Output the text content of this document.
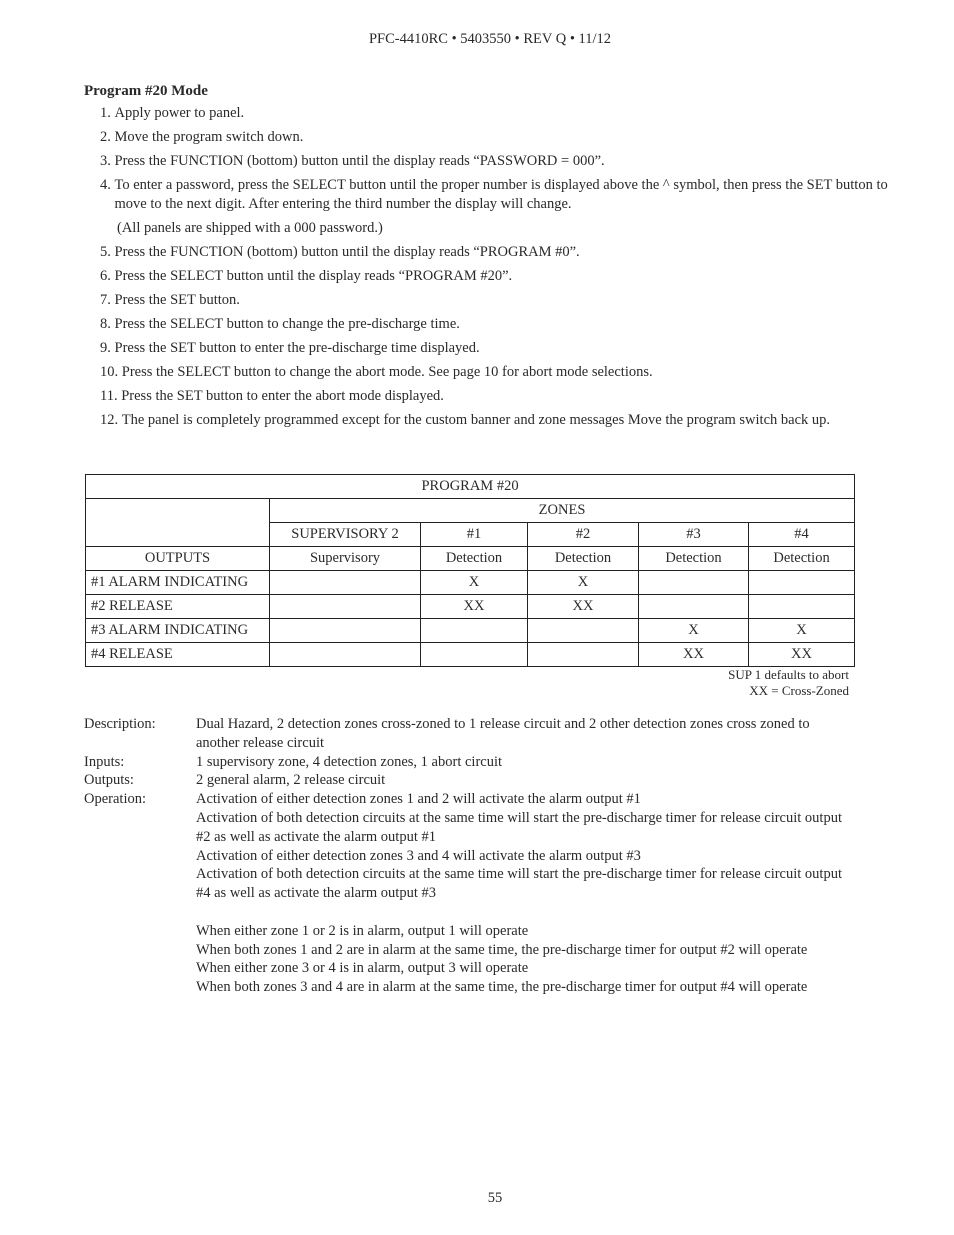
PFC-4410RC • 5403550 • REV Q • 11/12
Program #20 Mode
1. Apply power to panel.
2. Move the program switch down.
3. Press the FUNCTION (bottom) button until the display reads “PASSWORD = 000”.
4. To enter a password, press the SELECT button until the proper number is displayed above the ^ symbol, then press the SET button to move to the next digit. After entering the third number the display will change.
(All panels are shipped with a 000 password.)
5. Press the FUNCTION (bottom) button until the display reads “PROGRAM #0”.
6. Press the SELECT button until the display reads “PROGRAM #20”.
7. Press the SET button.
8. Press the SELECT button to change the pre-discharge time.
9. Press the SET button to enter the pre-discharge time displayed.
10. Press the SELECT button to change the abort mode. See page 10 for abort mode selections.
11. Press the SET button to enter the abort mode displayed.
12. The panel is completely programmed except for the custom banner and zone messages Move the program switch back up.
PROGRAM #20					
	ZONES				
	SUPERVISORY 2	#1	#2	#3	#4
OUTPUTS	Supervisory	Detection	Detection	Detection	Detection
#1 ALARM INDICATING		X	X		
#2 RELEASE		XX	XX		
#3 ALARM INDICATING				X	X
#4 RELEASE				XX	XX
SUP 1 defaults to abort
XX = Cross-Zoned
Description:	Dual Hazard, 2 detection zones cross-zoned to 1 release circuit and 2 other detection zones cross zoned to
another release circuit
Inputs:	1 supervisory zone, 4 detection zones, 1 abort circuit
Outputs:	2 general alarm, 2 release circuit
Operation:	Activation of either detection zones 1 and 2 will activate the alarm output #1
Activation of both detection circuits at the same time will start the pre-discharge timer for release circuit output
#2 as well as activate the alarm output #1
Activation of either detection zones 3 and 4 will activate the alarm output #3
Activation of both detection circuits at the same time will start the pre-discharge timer for release circuit output
#4 as well as activate the alarm output #3
When either zone 1 or 2 is in alarm, output 1 will operate
When both zones 1 and 2 are in alarm at the same time, the pre-discharge timer for output #2 will operate
When either zone 3 or 4 is in alarm, output 3 will operate
When both zones 3 and 4 are in alarm at the same time, the pre-discharge timer for output #4 will operate
55
